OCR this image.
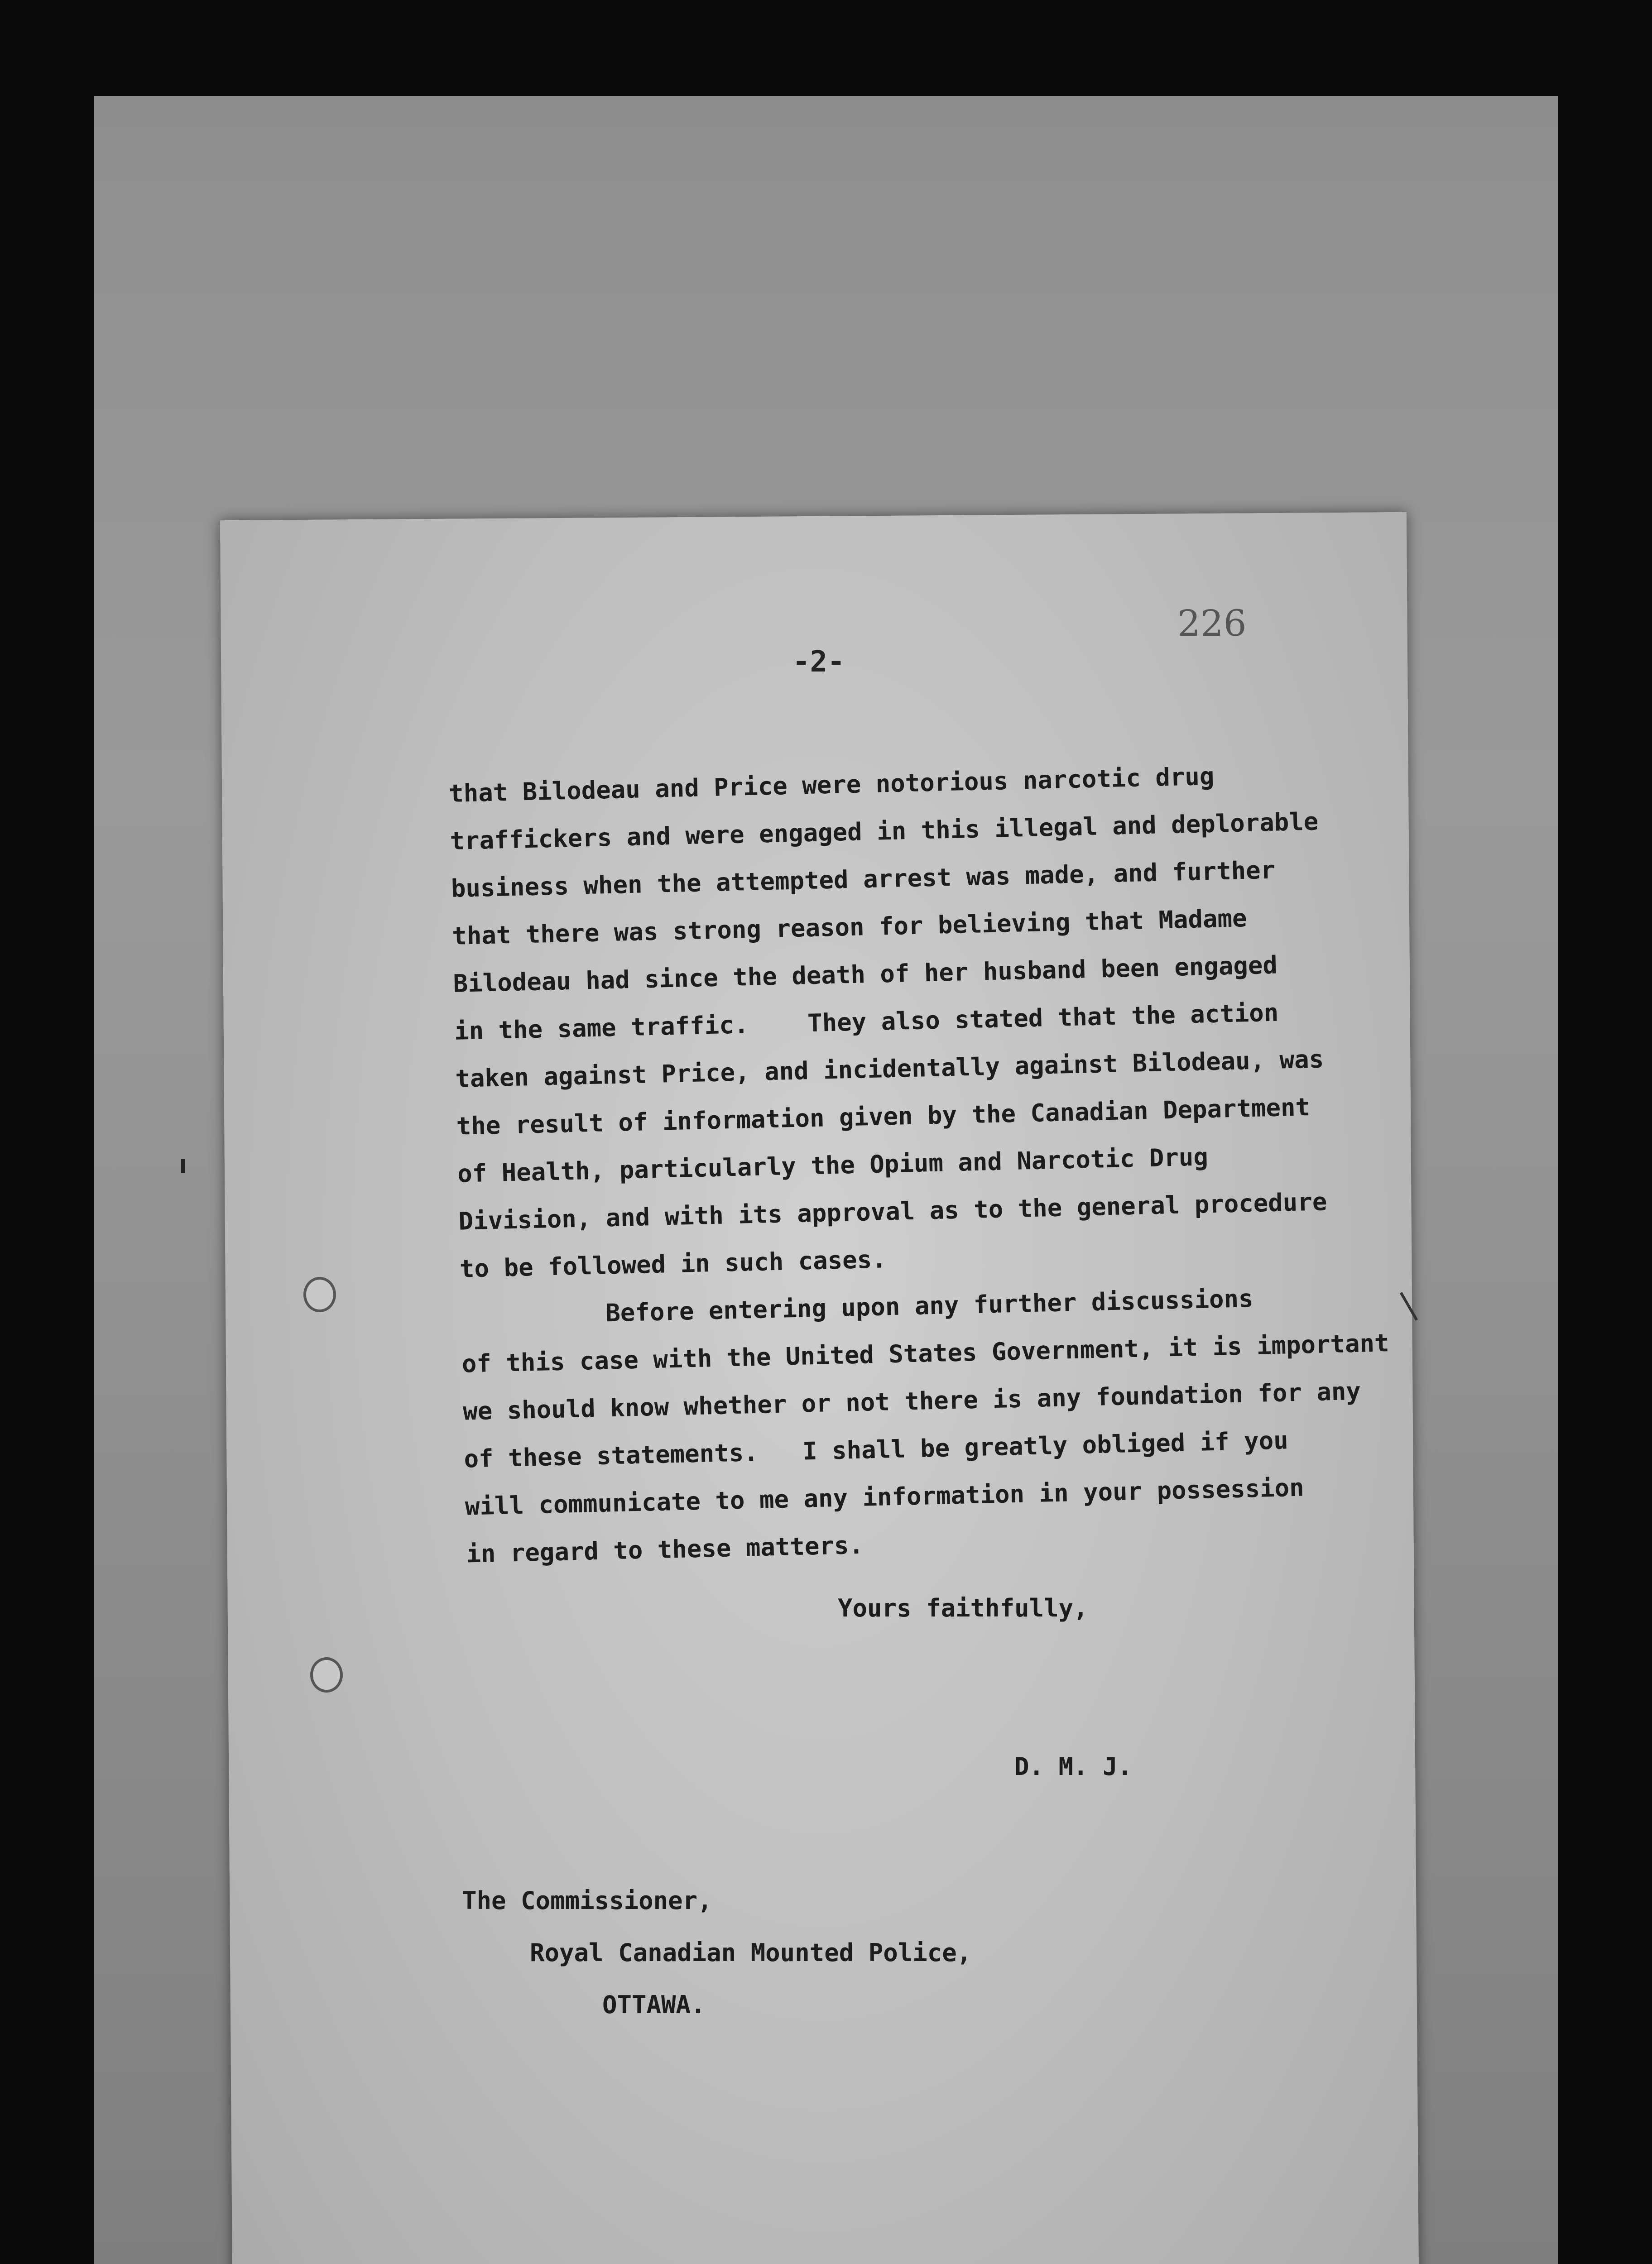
-2-
226
that Bilodeau and Price were notorious narcotic drug
traffickers and were engaged in this illegal and deplorable
business when the attempted arrest was made, and further
that there was strong reason for believing that Madame
Bilodeau had since the death of her husband been engaged
in the same traffic.    They also stated that the action
taken against Price, and incidentally against Bilodeau, was
the result of information given by the Canadian Department
of Health, particularly the Opium and Narcotic Drug
Division, and with its approval as to the general procedure
to be followed in such cases.
Before entering upon any further discussions
of this case with the United States Government, it is important
we should know whether or not there is any foundation for any
of these statements.   I shall be greatly obliged if you
will communicate to me any information in your possession
in regard to these matters.
Yours faithfully,
D. M. J.
The Commissioner,
Royal Canadian Mounted Police,
OTTAWA.
